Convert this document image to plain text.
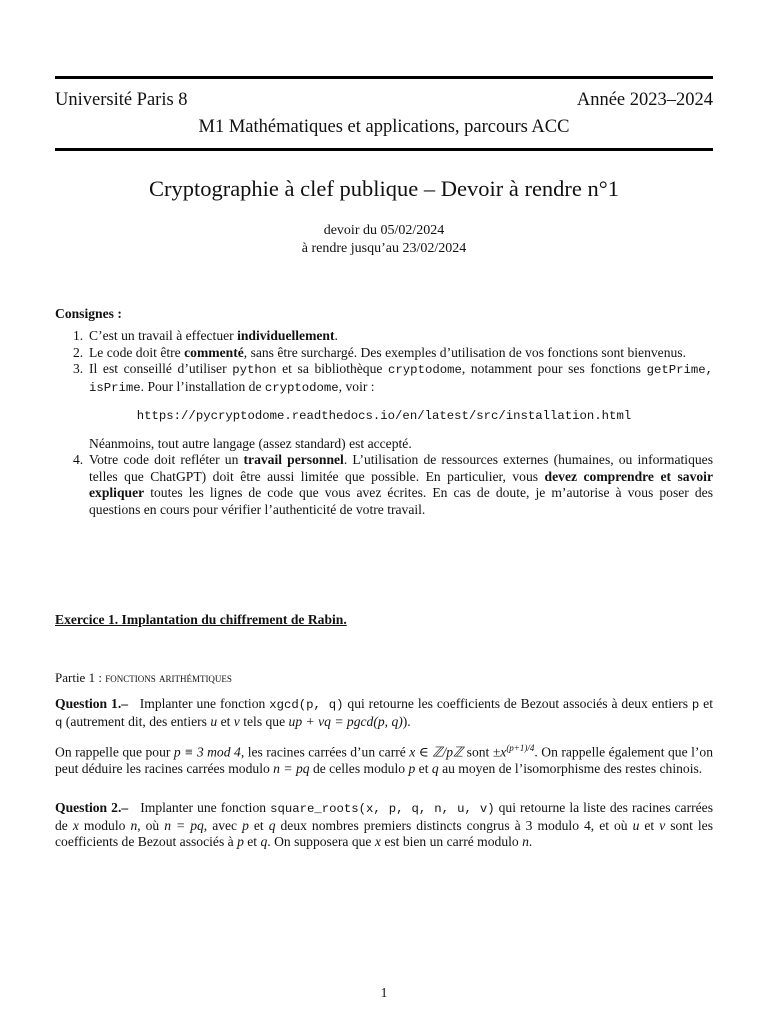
Université Paris 8	Année 2023–2024
M1 Mathématiques et applications, parcours ACC
Cryptographie à clef publique – Devoir à rendre n°1
devoir du 05/02/2024
à rendre jusqu’au 23/02/2024
Consignes :
1. C’est un travail à effectuer individuellement.
2. Le code doit être commenté, sans être surchargé. Des exemples d’utilisation de vos fonctions sont bienvenus.
3. Il est conseillé d’utiliser python et sa bibliothèque cryptodome, notamment pour ses fonctions getPrime, isPrime. Pour l’installation de cryptodome, voir :
https://pycryptodome.readthedocs.io/en/latest/src/installation.html
Néanmoins, tout autre langage (assez standard) est accepté.
4. Votre code doit refléter un travail personnel. L’utilisation de ressources externes (humaines, ou informatiques telles que ChatGPT) doit être aussi limitée que possible. En particulier, vous devez comprendre et savoir expliquer toutes les lignes de code que vous avez écrites. En cas de doute, je m’autorise à vous poser des questions en cours pour vérifier l’authenticité de votre travail.
Exercice 1. Implantation du chiffrement de Rabin.
Partie 1 : fonctions arithémtiques
Question 1.– Implanter une fonction xgcd(p, q) qui retourne les coefficients de Bezout associés à deux entiers p et q (autrement dit, des entiers u et v tels que up + vq = pgcd(p, q)).
On rappelle que pour p ≡ 3 mod 4, les racines carrées d’un carré x ∈ ℤ/pℤ sont $\pm x^{(p+1)/4}$. On rappelle également que l’on peut déduire les racines carrées modulo n = pq de celles modulo p et q au moyen de l’isomorphisme des restes chinois.
Question 2.– Implanter une fonction square_roots(x, p, q, n, u, v) qui retourne la liste des racines carrées de x modulo n, où n = pq, avec p et q deux nombres premiers distincts congrus à 3 modulo 4, et où u et v sont les coefficients de Bezout associés à p et q. On supposera que x est bien un carré modulo n.
1
